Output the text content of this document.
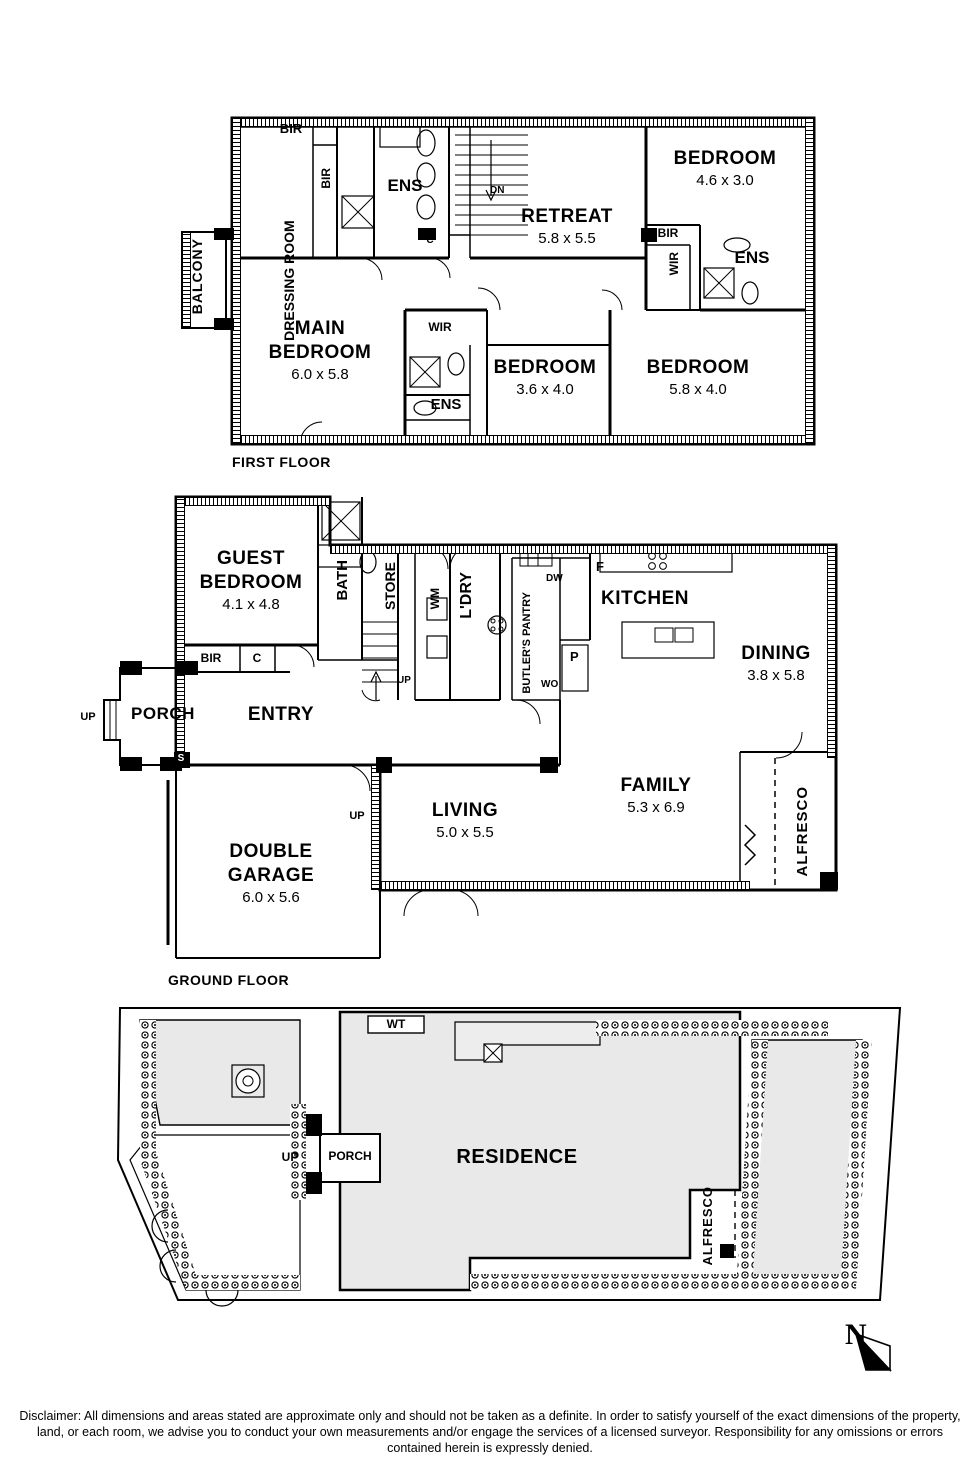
BIR
DRESSING ROOM
BIR	ENS
C
DN
RETREAT
5.8 x 5.5
BEDROOM
4.6 x 3.0
BIR
WIR	ENS
BALCONY
MAIN
BEDROOM
6.0 x 5.8
WIR
ENS
BEDROOM
3.6 x 4.0
BEDROOM
5.8 x 4.0
FIRST FLOOR
GUEST
BEDROOM
4.1 x 4.8
BATH STORE	WM L'DRY	DW
F
KITCHEN
BUTLER'S PANTRY	P
WO
DINING
3.8 x 5.8
BIR	C
UP
UP PORCH	ENTRY
S
UP	LIVING
5.0 x 5.5
FAMILY
5.3 x 6.9	ALFRESCO
DOUBLE
GARAGE
6.0 x 5.6
GROUND FLOOR
WT
RESIDENCE
UP PORCH
ALFRESCO
N
Disclaimer: All dimensions and areas stated are approximate only and should not be taken as a definite. In order to satisfy yourself of the exact dimensions of the property, land, or each room, we advise you to conduct your own measurements and/or engage the services of a licensed surveyor. Responsibility for any omissions or errors contained herein is expressly denied.
